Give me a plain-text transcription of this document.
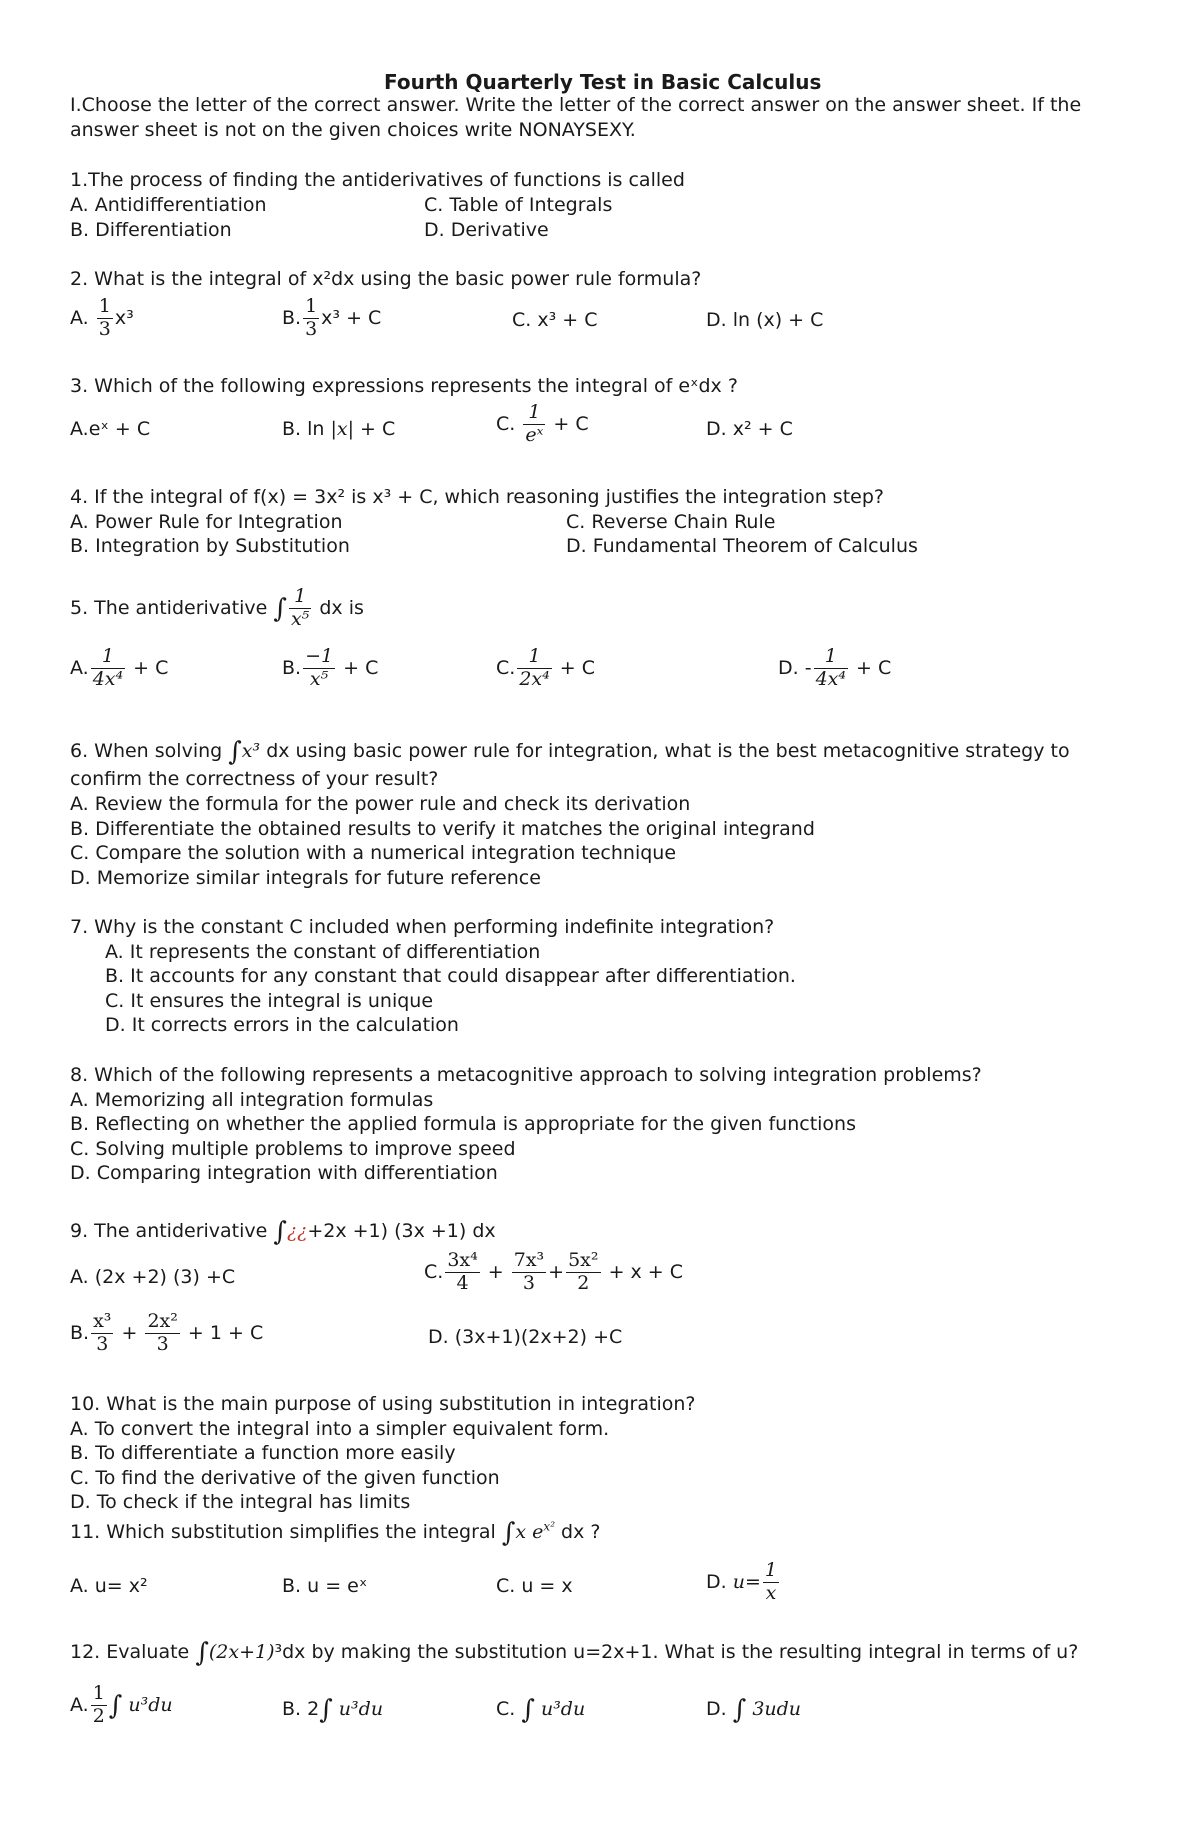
Fourth Quarterly Test in Basic Calculus
I.Choose the letter of the correct answer. Write the letter of the correct answer on the answer sheet. If the
answer sheet is not on the given choices write NONAYSEXY.
1.The process of finding the antiderivatives of functions is called
A. Antidifferentiation	C. Table of Integrals
B. Differentiation	D. Derivative
2. What is the integral of x²dx using the basic power rule formula?
A. $\frac{1}{3} x^3$	B. $\frac{1}{3} x^3 + C$	C. x³ + C	D. ln (x) + C
3. Which of the following expressions represents the integral of eˣdx ?
A.eˣ + C	B. ln |x| + C	C. $\frac{1}{\text{eˣ}} + C$	D. x² + C
4. If the integral of f(x) = 3x² is x³ + C, which reasoning justifies the integration step?
A. Power Rule for Integration	C. Reverse Chain Rule
B. Integration by Substitution	D. Fundamental Theorem of Calculus
5. The antiderivative ∫ $\frac{1}{\text{x⁵}}$ dx is
A. $\frac{1}{\text{4x⁴}} + C$	B. $\frac{-1}{\text{x⁵}} + C$	C. $\frac{1}{\text{2x⁴}} + C$	D. - $\frac{1}{\text{4x⁴}} + C$
6. When solving ∫x³ dx using basic power rule for integration, what is the best metacognitive strategy to
confirm the correctness of your result?
A. Review the formula for the power rule and check its derivation
B. Differentiate the obtained results to verify it matches the original integrand
C. Compare the solution with a numerical integration technique
D. Memorize similar integrals for future reference
7. Why is the constant C included when performing indefinite integration?
A. It represents the constant of differentiation
B. It accounts for any constant that could disappear after differentiation.
C. It ensures the integral is unique
D. It corrects errors in the calculation
8. Which of the following represents a metacognitive approach to solving integration problems?
A. Memorizing all integration formulas
B. Reflecting on whether the applied formula is appropriate for the given functions
C. Solving multiple problems to improve speed
D. Comparing integration with differentiation
9. The antiderivative ∫¿¿+2x +1) (3x +1) dx
A. (2x +2) (3) +C	C. $\frac{\text{3x⁴}}{4} + \frac{\text{7x³}}{3} + \frac{\text{5x²}}{2} + x + C$
B. $\frac{\text{x³}}{3} + \frac{\text{2x²}}{3} + 1 + C$	D. (3x+1)(2x+2) +C
10. What is the main purpose of using substitution in integration?
A. To convert the integral into a simpler equivalent form.
B. To differentiate a function more easily
C. To find the derivative of the given function
D. To check if the integral has limits
11. Which substitution simplifies the integral ∫x $e^{x^2}$ dx ?
A. u= x²	B. u = eˣ	C. u = x	D. $u= \frac{1}{x}$
12. Evaluate ∫(2x+1)³dx by making the substitution u=2x+1. What is the resulting integral in terms of u?
A. $\frac{1}{2}$ ∫ u³du	B. 2∫ u³du	C. ∫ u³du	D. ∫ 3udu
